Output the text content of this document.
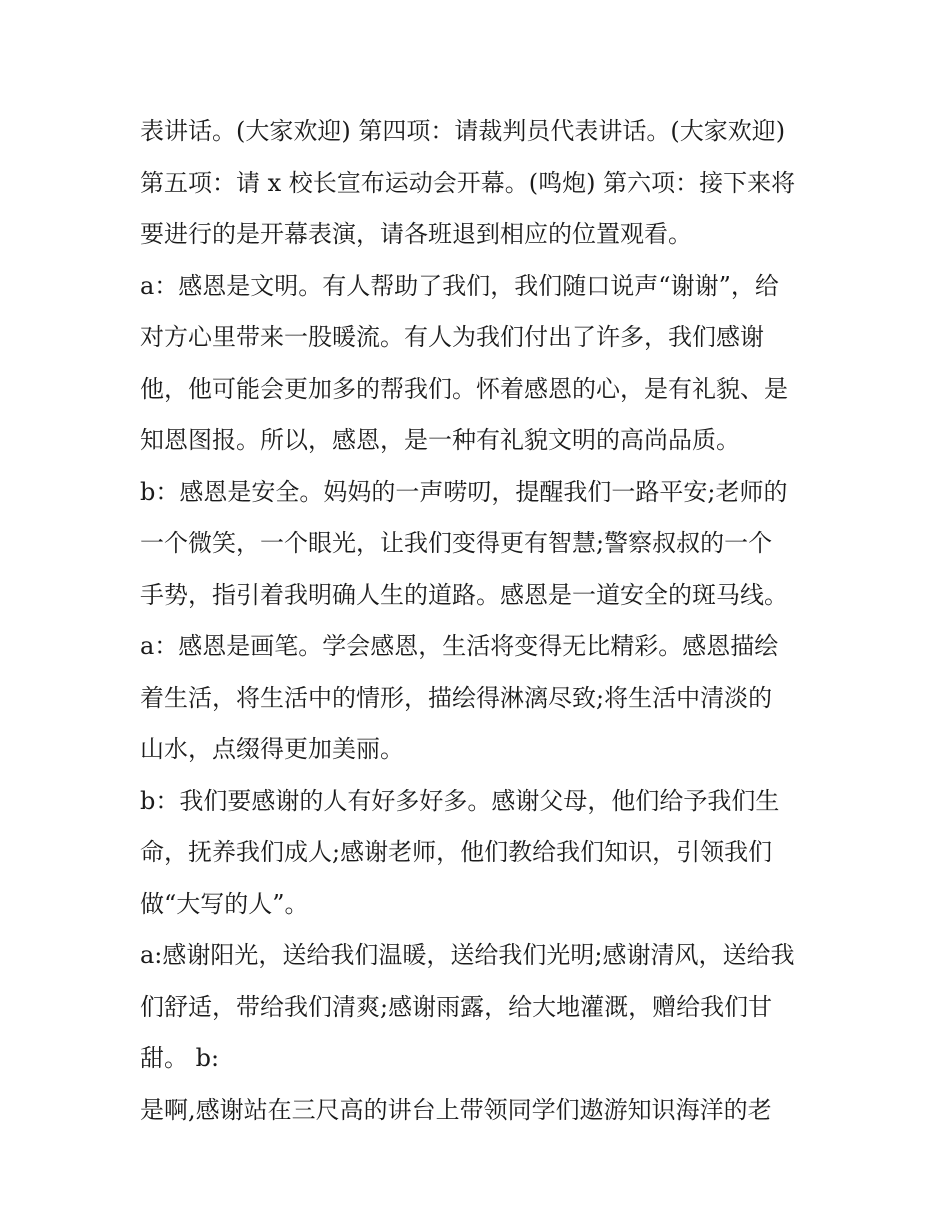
表讲话。(大家欢迎) 第四项：请裁判员代表讲话。(大家欢迎)
第五项：请 x 校长宣布运动会开幕。(鸣炮) 第六项：接下来将
要进行的是开幕表演，请各班退到相应的位置观看。
a：感恩是文明。有人帮助了我们，我们随口说声“谢谢”，给
对方心里带来一股暖流。有人为我们付出了许多，我们感谢
他，他可能会更加多的帮我们。怀着感恩的心，是有礼貌、是
知恩图报。所以，感恩，是一种有礼貌文明的高尚品质。
b：感恩是安全。妈妈的一声唠叨，提醒我们一路平安;老师的
一个微笑，一个眼光，让我们变得更有智慧;警察叔叔的一个
手势，指引着我明确人生的道路。感恩是一道安全的斑马线。
a：感恩是画笔。学会感恩，生活将变得无比精彩。感恩描绘
着生活，将生活中的情形，描绘得淋漓尽致;将生活中清淡的
山水，点缀得更加美丽。
b：我们要感谢的人有好多好多。感谢父母，他们给予我们生
命，抚养我们成人;感谢老师，他们教给我们知识，引领我们
做“大写的人”。
a:感谢阳光，送给我们温暖，送给我们光明;感谢清风，送给我
们舒适，带给我们清爽;感谢雨露，给大地灌溉，赠给我们甘
甜。 b:
是啊,感谢站在三尺高的讲台上带领同学们遨游知识海洋的老
